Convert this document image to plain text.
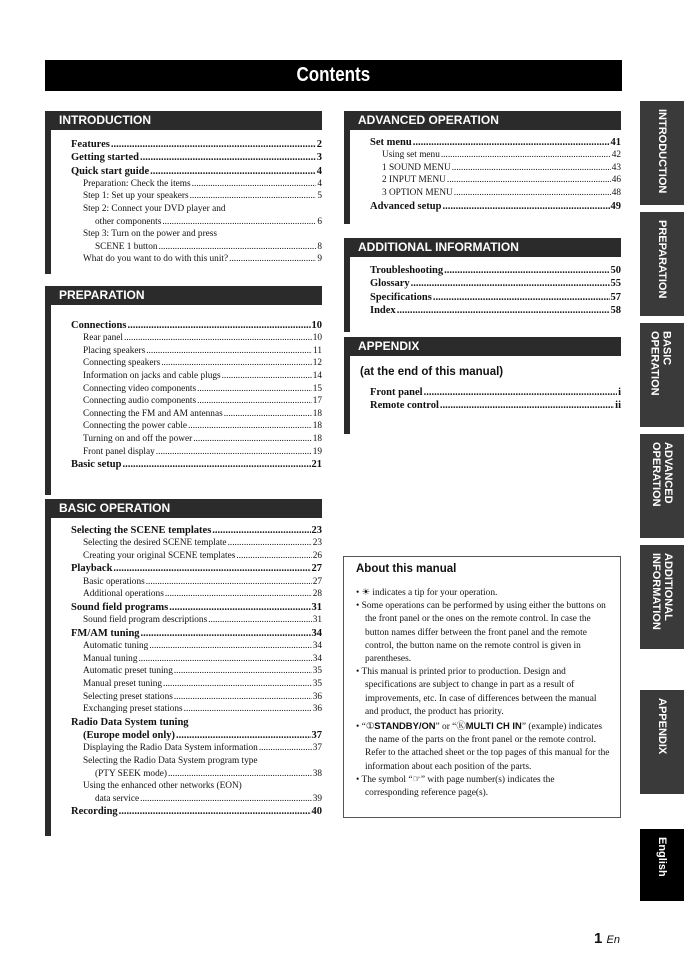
Contents
INTRODUCTION
Features .....	2
Getting started .....	3
Quick start guide .....	4
Preparation: Check the items .....	4
Step 1: Set up your speakers .....	5
Step 2: Connect your DVD player and
other components .....	6
Step 3: Turn on the power and press
SCENE 1 button .....	8
What do you want to do with this unit? .....	9
PREPARATION
Connections .....	10
Rear panel .....	10
Placing speakers .....	11
Connecting speakers .....	12
Information on jacks and cable plugs .....	14
Connecting video components .....	15
Connecting audio components .....	17
Connecting the FM and AM antennas .....	18
Connecting the power cable .....	18
Turning on and off the power .....	18
Front panel display .....	19
Basic setup .....	21
BASIC OPERATION
Selecting the SCENE templates .....	23
Selecting the desired SCENE template .....	23
Creating your original SCENE templates .....	26
Playback .....	27
Basic operations .....	27
Additional operations .....	28
Sound field programs .....	31
Sound field program descriptions .....	31
FM/AM tuning .....	34
Automatic tuning .....	34
Manual tuning .....	34
Automatic preset tuning .....	35
Manual preset tuning .....	35
Selecting preset stations .....	36
Exchanging preset stations .....	36
Radio Data System tuning
(Europe model only) .....	37
Displaying the Radio Data System information .....	37
Selecting the Radio Data System program type
(PTY SEEK mode) .....	38
Using the enhanced other networks (EON)
data service .....	39
Recording .....	40
ADVANCED OPERATION
Set menu .....	41
Using set menu .....	42
1 SOUND MENU .....	43
2 INPUT MENU .....	46
3 OPTION MENU .....	48
Advanced setup .....	49
ADDITIONAL INFORMATION
Troubleshooting .....	50
Glossary .....	55
Specifications .....	57
Index .....	58
APPENDIX
(at the end of this manual)
Front panel .....	i
Remote control .....	ii
About this manual
• ☀ indicates a tip for your operation.
• Some operations can be performed by using either the buttons on the front panel or the ones on the remote control. In case the button names differ between the front panel and the remote control, the button name on the remote control is given in parentheses.
• This manual is printed prior to production. Design and specifications are subject to change in part as a result of improvements, etc. In case of differences between the manual and product, the product has priority.
• “①STANDBY/ON” or “ⓀMULTI CH IN” (example) indicates the name of the parts on the front panel or the remote control. Refer to the attached sheet or the top pages of this manual for the information about each position of the parts.
• The symbol “☞” with page number(s) indicates the corresponding reference page(s).
INTRODUCTION
PREPARATION
BASIC OPERATION
ADVANCED OPERATION
ADDITIONAL INFORMATION
APPENDIX
English
1 En
